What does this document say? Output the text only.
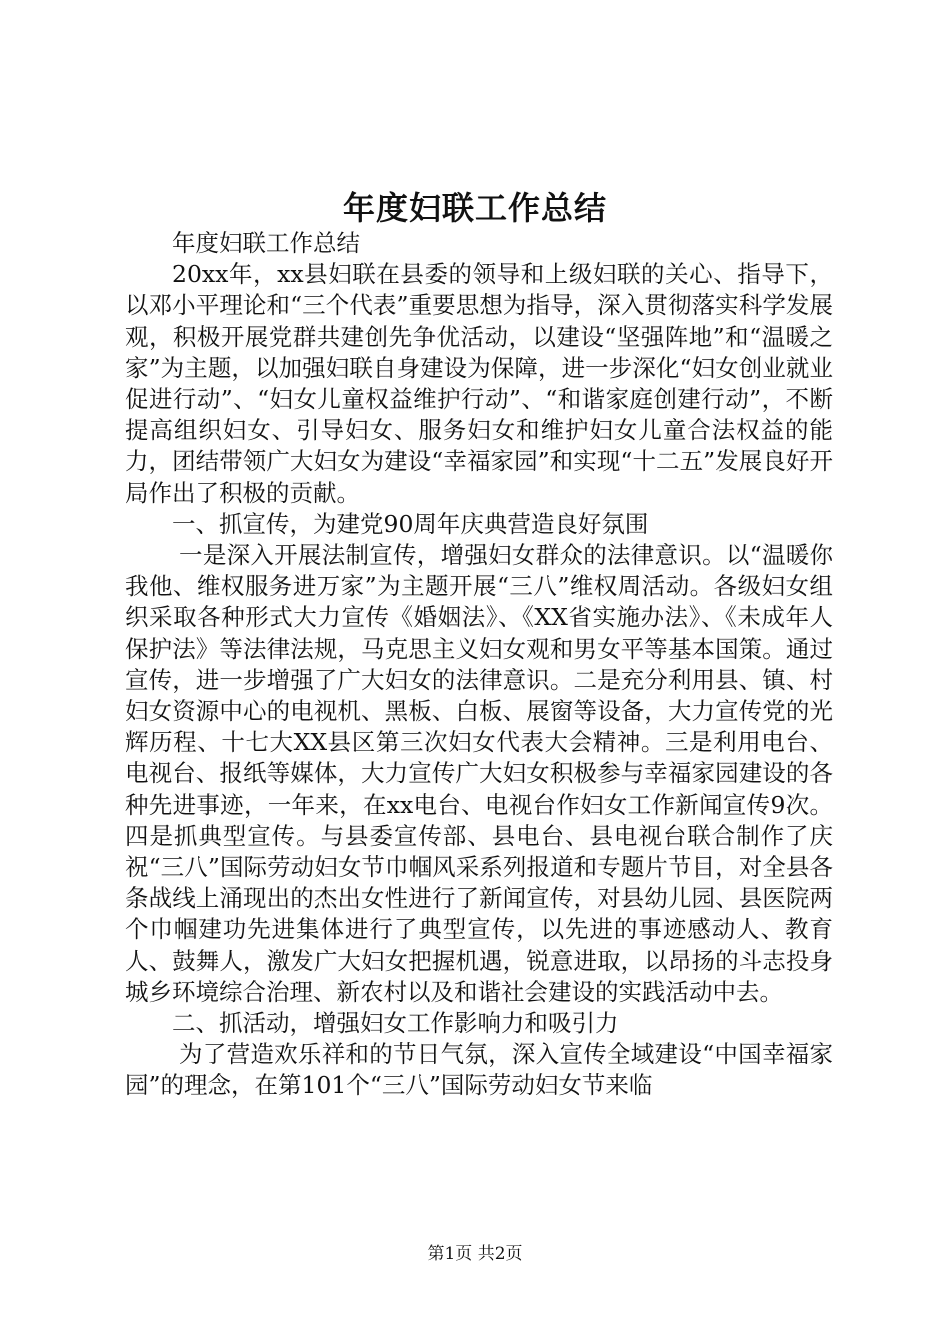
年度妇联工作总结

年度妇联工作总结

20xx年，xx县妇联在县委的领导和上级妇联的关心、指导下，以邓小平理论和“三个代表”重要思想为指导，深入贯彻落实科学发展观，积极开展党群共建创先争优活动，以建设“坚强阵地”和“温暖之家”为主题，以加强妇联自身建设为保障，进一步深化“妇女创业就业促进行动”、“妇女儿童权益维护行动”、“和谐家庭创建行动”，不断提高组织妇女、引导妇女、服务妇女和维护妇女儿童合法权益的能力，团结带领广大妇女为建设“幸福家园”和实现“十二五”发展良好开局作出了积极的贡献。

一、抓宣传，为建党90周年庆典营造良好氛围

一是深入开展法制宣传，增强妇女群众的法律意识。以“温暖你我他、维权服务进万家”为主题开展“三八”维权周活动。各级妇女组织采取各种形式大力宣传《婚姻法》、《XX省实施办法》、《未成年人保护法》等法律法规，马克思主义妇女观和男女平等基本国策。通过宣传，进一步增强了广大妇女的法律意识。二是充分利用县、镇、村妇女资源中心的电视机、黑板、白板、展窗等设备，大力宣传党的光辉历程、十七大XX县区第三次妇女代表大会精神。三是利用电台、电视台、报纸等媒体，大力宣传广大妇女积极参与幸福家园建设的各种先进事迹，一年来，在xx电台、电视台作妇女工作新闻宣传9次。四是抓典型宣传。与县委宣传部、县电台、县电视台联合制作了庆祝“三八”国际劳动妇女节巾帼风采系列报道和专题片节目，对全县各条战线上涌现出的杰出女性进行了新闻宣传，对县幼儿园、县医院两个巾帼建功先进集体进行了典型宣传，以先进的事迹感动人、教育人、鼓舞人，激发广大妇女把握机遇，锐意进取，以昂扬的斗志投身城乡环境综合治理、新农村以及和谐社会建设的实践活动中去。

二、抓活动，增强妇女工作影响力和吸引力

为了营造欢乐祥和的节日气氛，深入宣传全域建设“中国幸福家园”的理念，在第101个“三八”国际劳动妇女节来临

第1页 共2页
